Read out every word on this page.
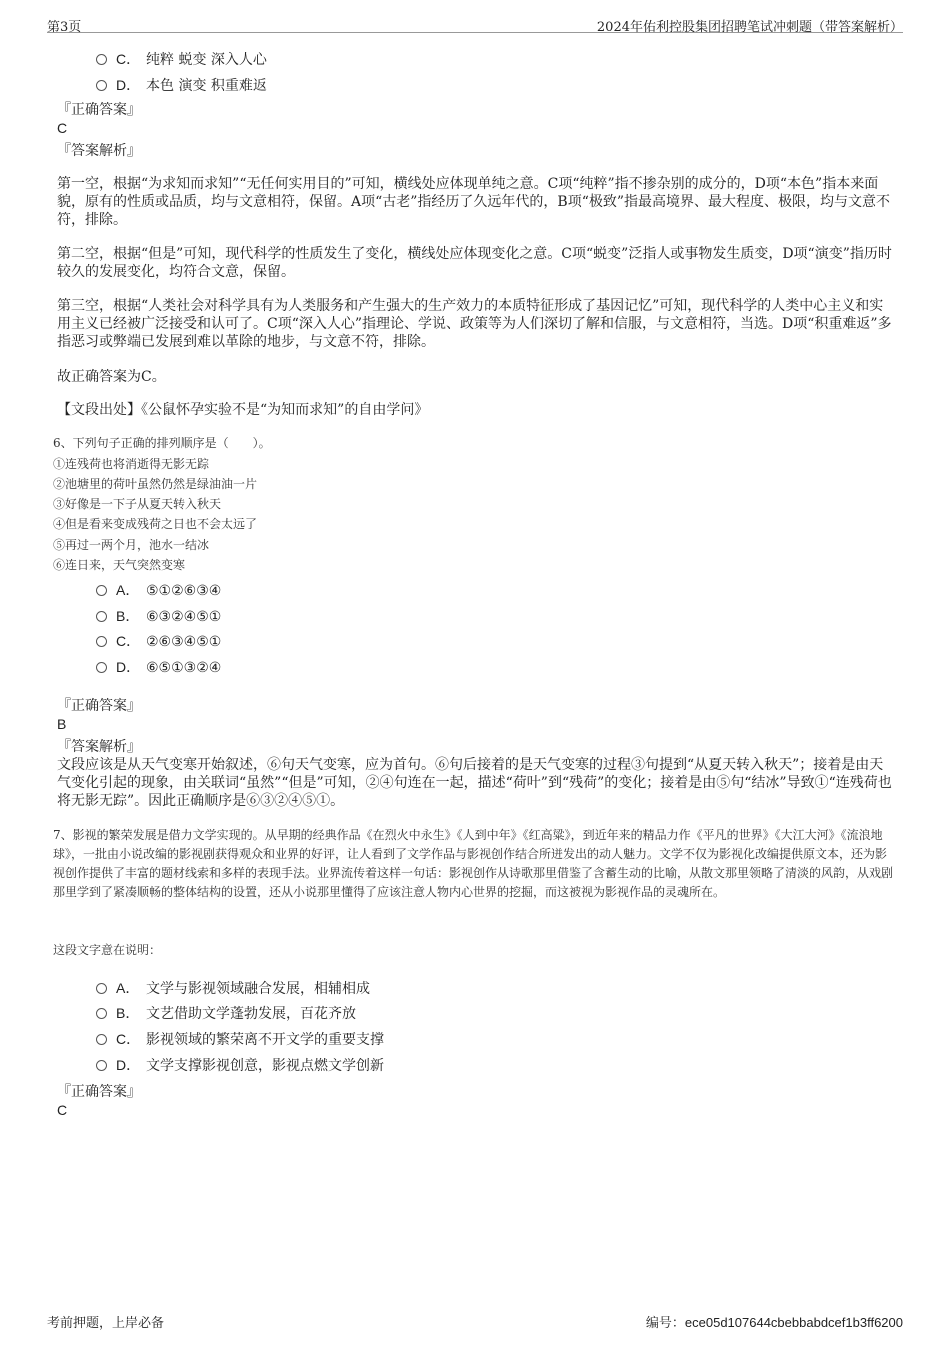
第3页	2024年佑利控股集团招聘笔试冲刺题（带答案解析）
C． 纯粹 蜕变 深入人心
D． 本色 演变 积重难返
『正确答案』
C
『答案解析』

第一空，根据“为求知而求知”“无任何实用目的”可知，横线处应体现单纯之意。C项“纯粹”指不掺杂别的成分的，D项“本色”指本来面貌，原有的性质或品质，均与文意相符，保留。A项“古老”指经历了久远年代的，B项“极致”指最高境界、最大程度、极限，均与文意不符，排除。

第二空，根据“但是”可知，现代科学的性质发生了变化，横线处应体现变化之意。C项“蜕变”泛指人或事物发生质变，D项“演变”指历时较久的发展变化，均符合文意，保留。

第三空，根据“人类社会对科学具有为人类服务和产生强大的生产效力的本质特征形成了基因记忆”可知，现代科学的人类中心主义和实用主义已经被广泛接受和认可了。C项“深入人心”指理论、学说、政策等为人们深切了解和信服，与文意相符，当选。D项“积重难返”多指恶习或弊端已发展到难以革除的地步，与文意不符，排除。

故正确答案为C。
【文段出处】《公鼠怀孕实验不是“为知而求知”的自由学问》
6、下列句子正确的排列顺序是（　　）。
①连残荷也将消逝得无影无踪
②池塘里的荷叶虽然仍然是绿油油一片
③好像是一下子从夏天转入秋天
④但是看来变成残荷之日也不会太远了
⑤再过一两个月，池水一结冰
⑥连日来，天气突然变寒
A． ⑤①②⑥③④
B． ⑥③②④⑤①
C． ②⑥③④⑤①
D． ⑥⑤①③②④
『正确答案』
B
『答案解析』
文段应该是从天气变寒开始叙述，⑥句天气变寒，应为首句。⑥句后接着的是天气变寒的过程③句提到“从夏天转入秋天”；接着是由天气变化引起的现象，由关联词“虽然”“但是”可知，②④句连在一起，描述“荷叶”到“残荷”的变化；接着是由⑤句“结冰”导致①“连残荷也将无影无踪”。因此正确顺序是⑥③②④⑤①。
7、影视的繁荣发展是借力文学实现的。从早期的经典作品《在烈火中永生》《人到中年》《红高粱》，到近年来的精品力作《平凡的世界》《大江大河》《流浪地球》，一批由小说改编的影视剧获得观众和业界的好评，让人看到了文学作品与影视创作结合所迸发出的动人魅力。文学不仅为影视化改编提供原文本，还为影视创作提供了丰富的题材线索和多样的表现手法。业界流传着这样一句话：影视创作从诗歌那里借鉴了含蓄生动的比喻，从散文那里领略了清淡的风韵，从戏剧那里学到了紧凑顺畅的整体结构的设置，还从小说那里懂得了应该注意人物内心世界的挖掘，而这被视为影视作品的灵魂所在。
这段文字意在说明：
A． 文学与影视领域融合发展，相辅相成
B． 文艺借助文学蓬勃发展，百花齐放
C． 影视领域的繁荣离不开文学的重要支撑
D． 文学支撑影视创意，影视点燃文学创新
『正确答案』
C
考前押题，上岸必备	编号：ece05d107644cbebbabdcef1b3ff6200
